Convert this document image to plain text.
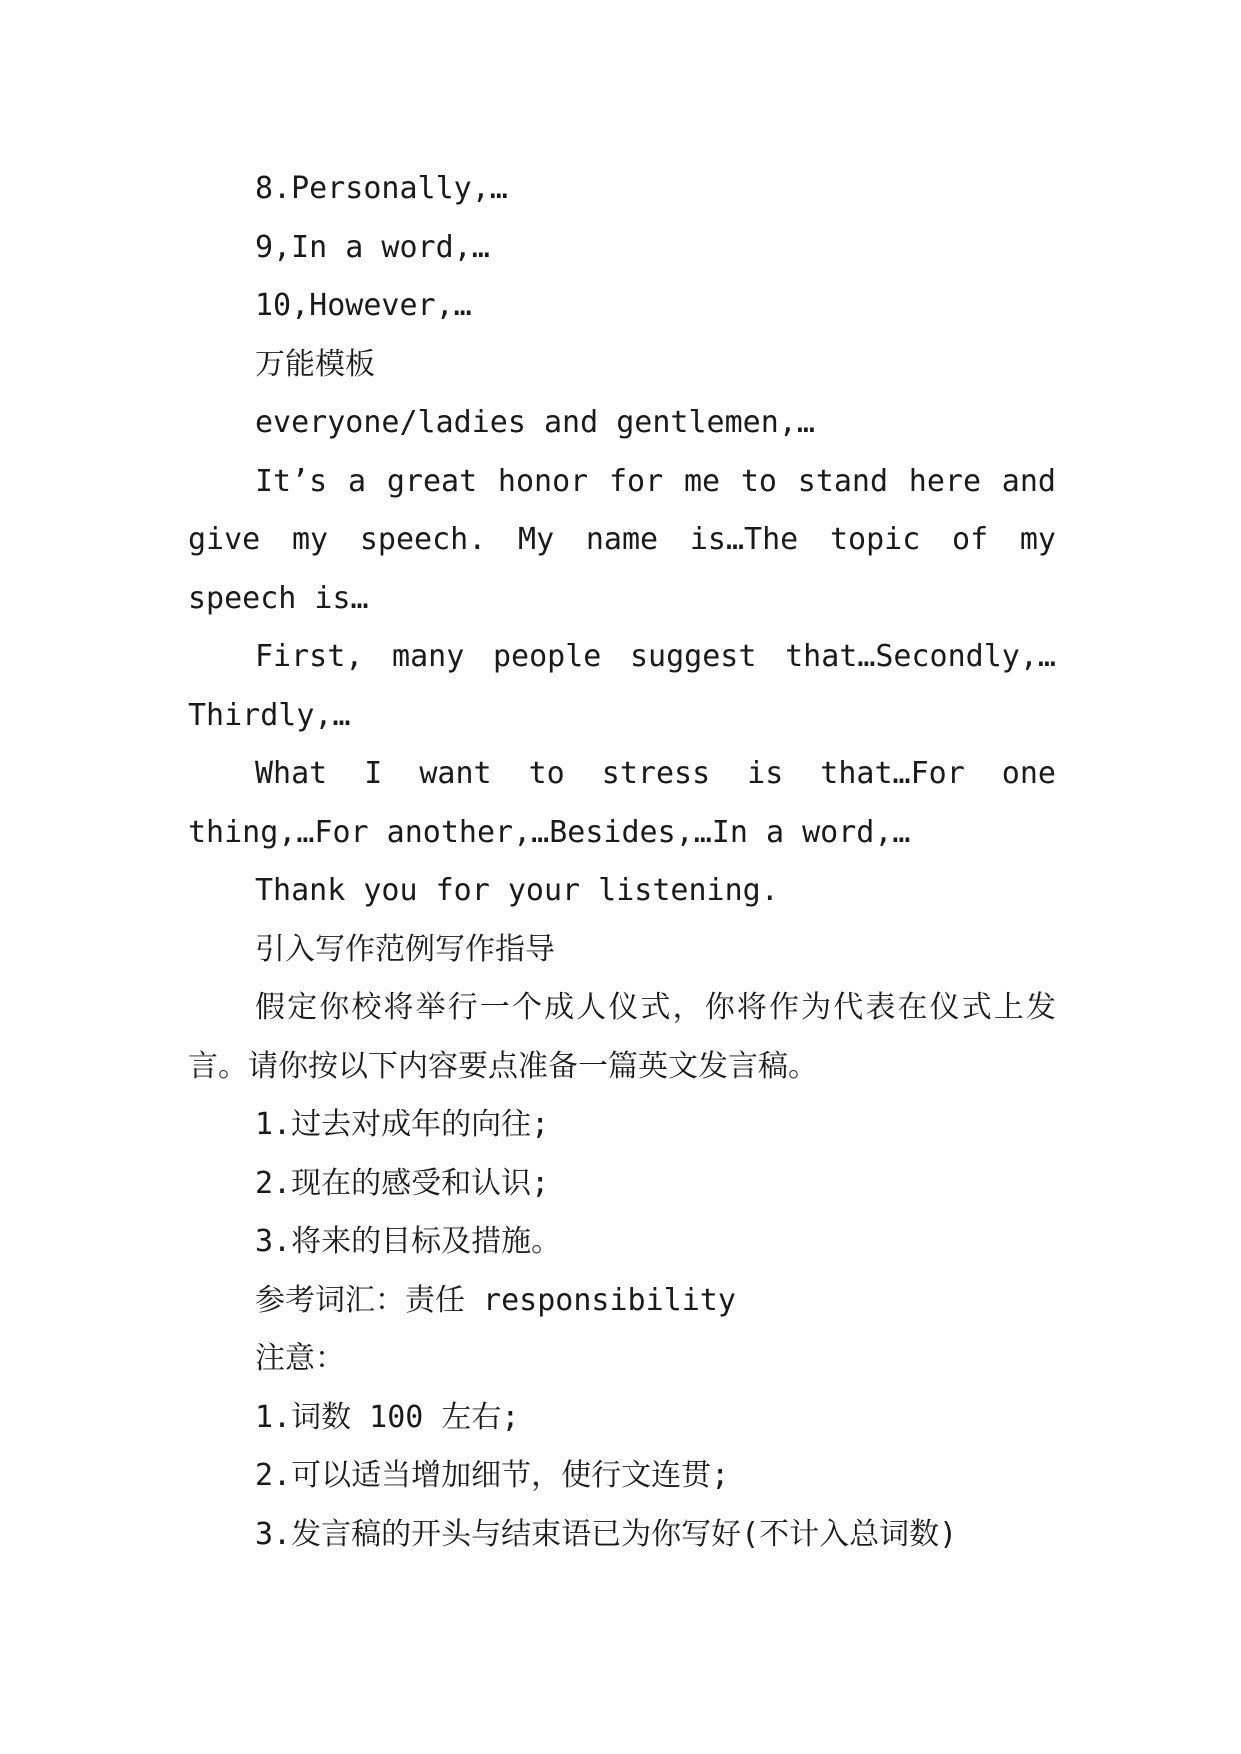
8.Personally,…

9,In a word,…

10,However,…

万能模板

everyone/ladies and gentlemen,…

It’s a great honor for me to stand here and give my speech. My name is…The topic of my speech is…

First, many people suggest that…Secondly,…Thirdly,…

What I want to stress is that…For one thing,…For another,…Besides,…In a word,…

Thank you for your listening.

引入写作范例写作指导

假定你校将举行一个成人仪式，你将作为代表在仪式上发言。请你按以下内容要点准备一篇英文发言稿。

1.过去对成年的向往;

2.现在的感受和认识;

3.将来的目标及措施。

参考词汇：责任 responsibility

注意：

1.词数 100 左右;

2.可以适当增加细节，使行文连贯;

3.发言稿的开头与结束语已为你写好(不计入总词数)
